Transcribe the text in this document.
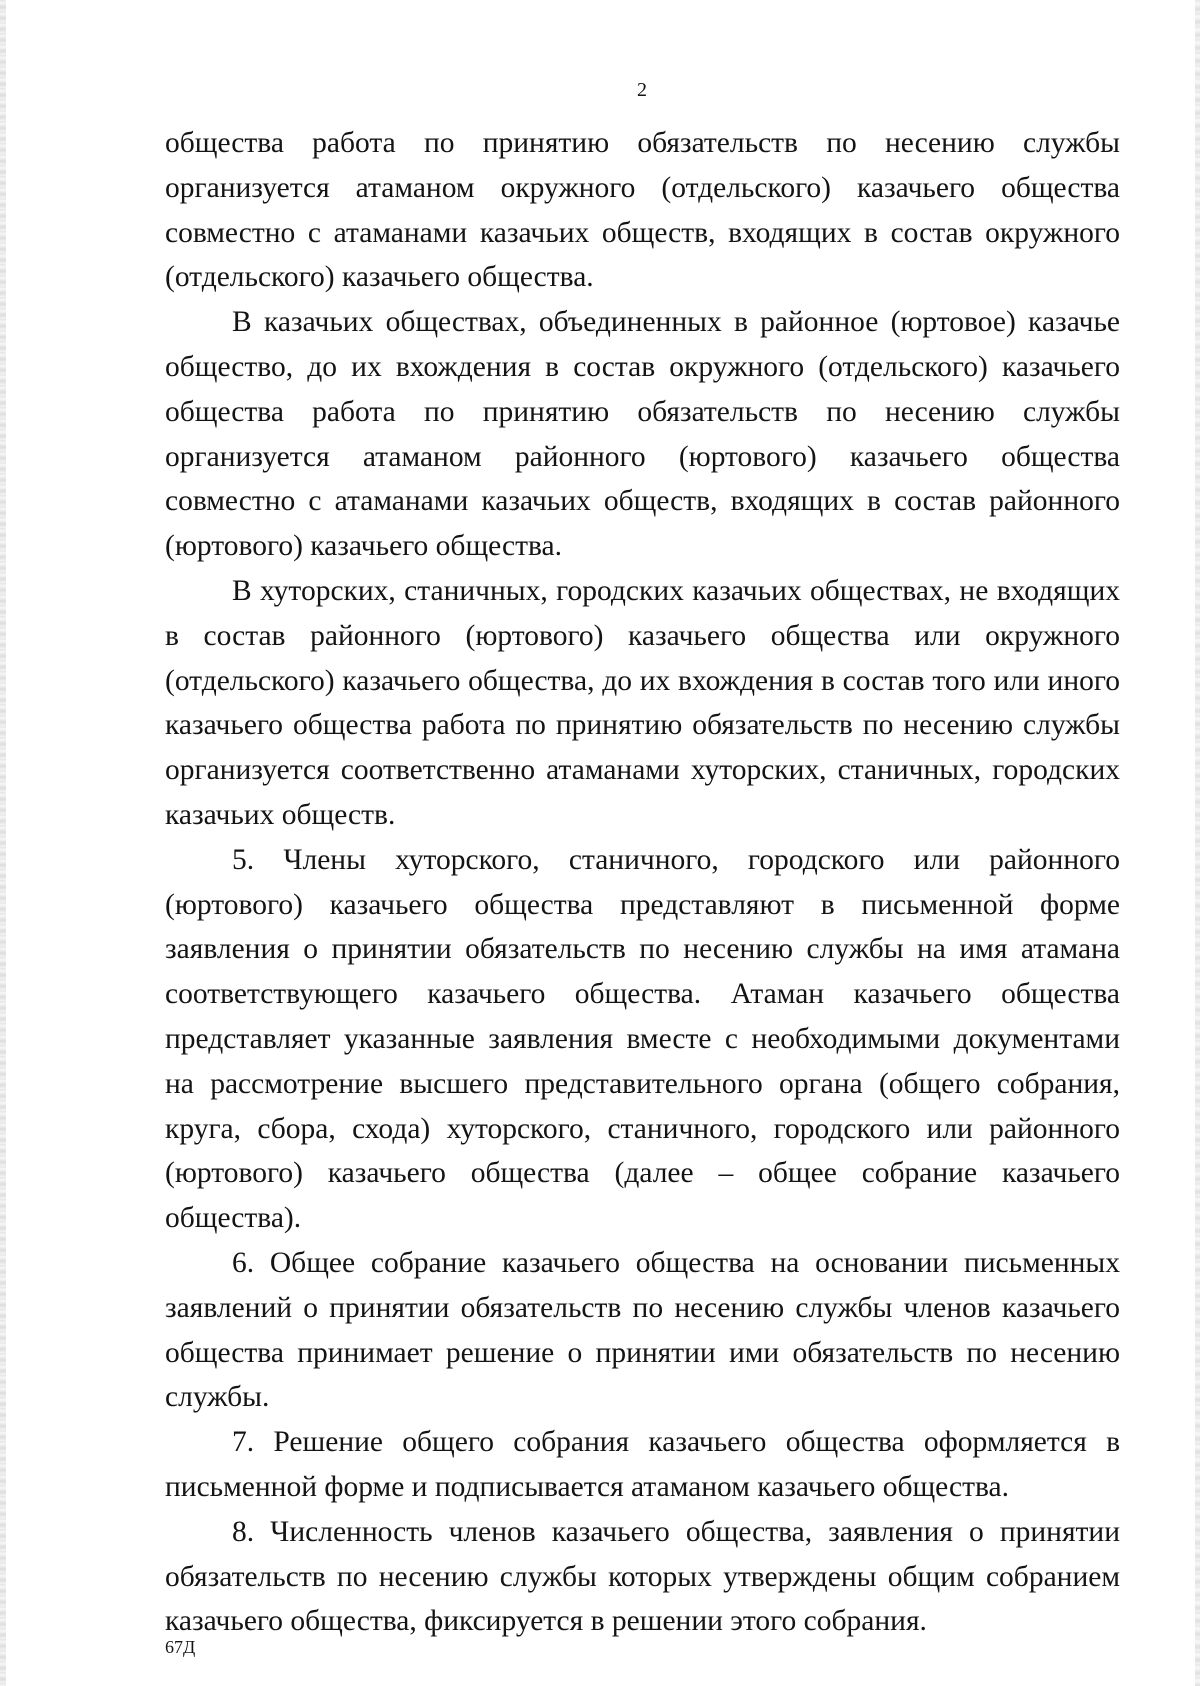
2

общества работа по принятию обязательств по несению службы организуется атаманом окружного (отдельского) казачьего общества совместно с атаманами казачьих обществ, входящих в состав окружного (отдельского) казачьего общества.

В казачьих обществах, объединенных в районное (юртовое) казачье общество, до их вхождения в состав окружного (отдельского) казачьего общества работа по принятию обязательств по несению службы организуется атаманом районного (юртового) казачьего общества совместно с атаманами казачьих обществ, входящих в состав районного (юртового) казачьего общества.

В хуторских, станичных, городских казачьих обществах, не входящих в состав районного (юртового) казачьего общества или окружного (отдельского) казачьего общества, до их вхождения в состав того или иного казачьего общества работа по принятию обязательств по несению службы организуется соответственно атаманами хуторских, станичных, городских казачьих обществ.

5. Члены хуторского, станичного, городского или районного (юртового) казачьего общества представляют в письменной форме заявления о принятии обязательств по несению службы на имя атамана соответствующего казачьего общества. Атаман казачьего общества представляет указанные заявления вместе с необходимыми документами на рассмотрение высшего представительного органа (общего собрания, круга, сбора, схода) хуторского, станичного, городского или районного (юртового) казачьего общества (далее – общее собрание казачьего общества).

6. Общее собрание казачьего общества на основании письменных заявлений о принятии обязательств по несению службы членов казачьего общества принимает решение о принятии ими обязательств по несению службы.

7. Решение общего собрания казачьего общества оформляется в письменной форме и подписывается атаманом казачьего общества.

8. Численность членов казачьего общества, заявления о принятии обязательств по несению службы которых утверждены общим собранием казачьего общества, фиксируется в решении этого собрания.

67Д
